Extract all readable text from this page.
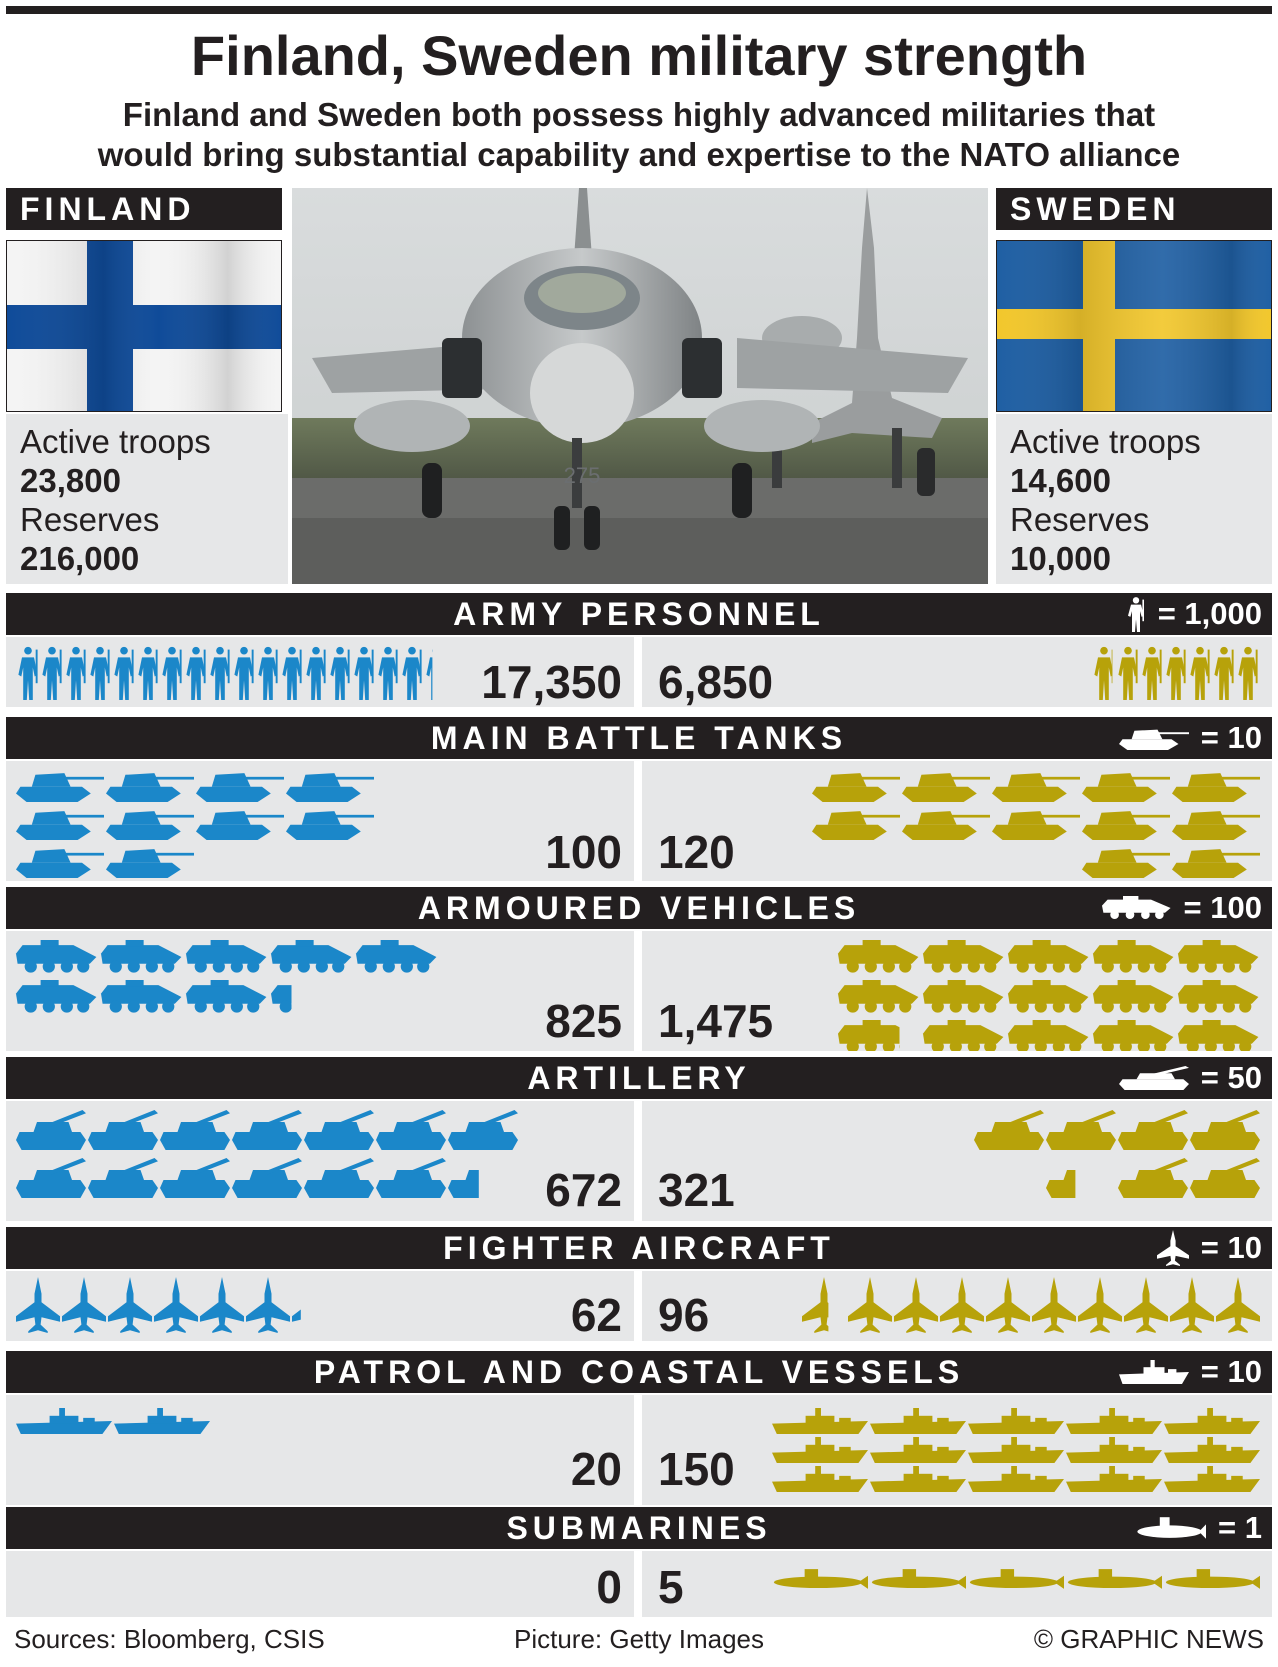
Finland, Sweden military strength
Finland and Sweden both possess highly advanced militaries that
would bring substantial capability and expertise to the NATO alliance
FINLAND
Active troops
23,800
Reserves
216,000
275
SWEDEN
Active troops
14,600
Reserves
10,000
ARMY PERSONNEL	= 1,000
17,350 6,850
MAIN BATTLE TANKS	= 10
100 120
ARMOURED VEHICLES	= 100
825 1,475
ARTILLERY	= 50
672 321
FIGHTER AIRCRAFT	= 10
62 96
PATROL AND COASTAL VESSELS	= 10
20 150
SUBMARINES	= 1
0 5
Sources: Bloomberg, CSIS	Picture: Getty Images	© GRAPHIC NEWS
